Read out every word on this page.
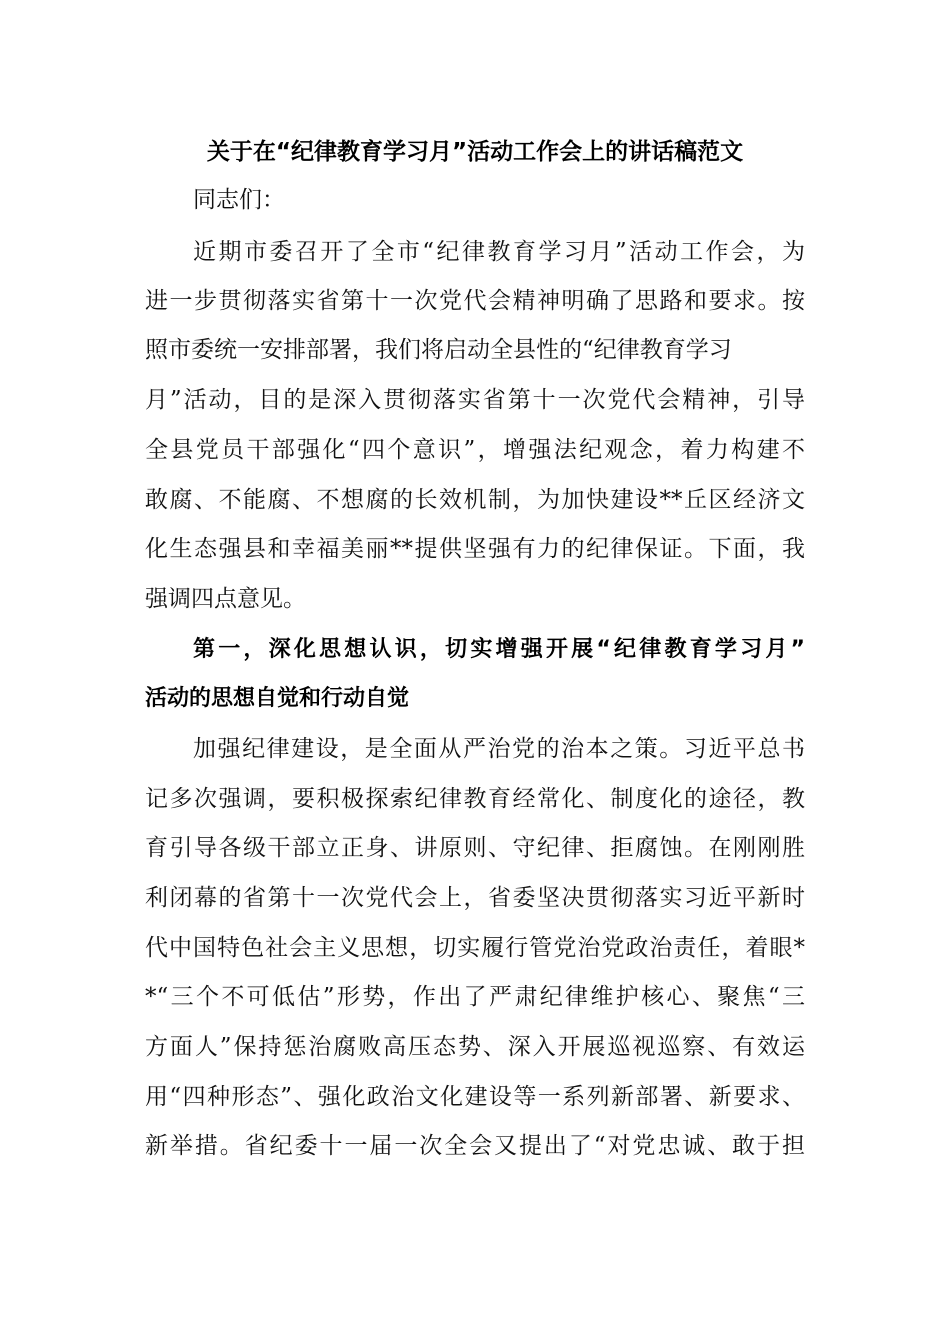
关于在“纪律教育学习月”活动工作会上的讲话稿范文
同志们：
近期市委召开了全市“纪律教育学习月”活动工作会，为
进一步贯彻落实省第十一次党代会精神明确了思路和要求。按
照市委统一安排部署，我们将启动全县性的“纪律教育学习
月”活动，目的是深入贯彻落实省第十一次党代会精神，引导
全县党员干部强化“四个意识”，增强法纪观念，着力构建不
敢腐、不能腐、不想腐的长效机制，为加快建设**丘区经济文
化生态强县和幸福美丽**提供坚强有力的纪律保证。下面，我
强调四点意见。
第一，深化思想认识，切实增强开展“纪律教育学习月”
活动的思想自觉和行动自觉
加强纪律建设，是全面从严治党的治本之策。习近平总书
记多次强调，要积极探索纪律教育经常化、制度化的途径，教
育引导各级干部立正身、讲原则、守纪律、拒腐蚀。在刚刚胜
利闭幕的省第十一次党代会上，省委坚决贯彻落实习近平新时
代中国特色社会主义思想，切实履行管党治党政治责任，着眼*
*“三个不可低估”形势，作出了严肃纪律维护核心、聚焦“三
方面人”保持惩治腐败高压态势、深入开展巡视巡察、有效运
用“四种形态”、强化政治文化建设等一系列新部署、新要求、
新举措。省纪委十一届一次全会又提出了“对党忠诚、敢于担
